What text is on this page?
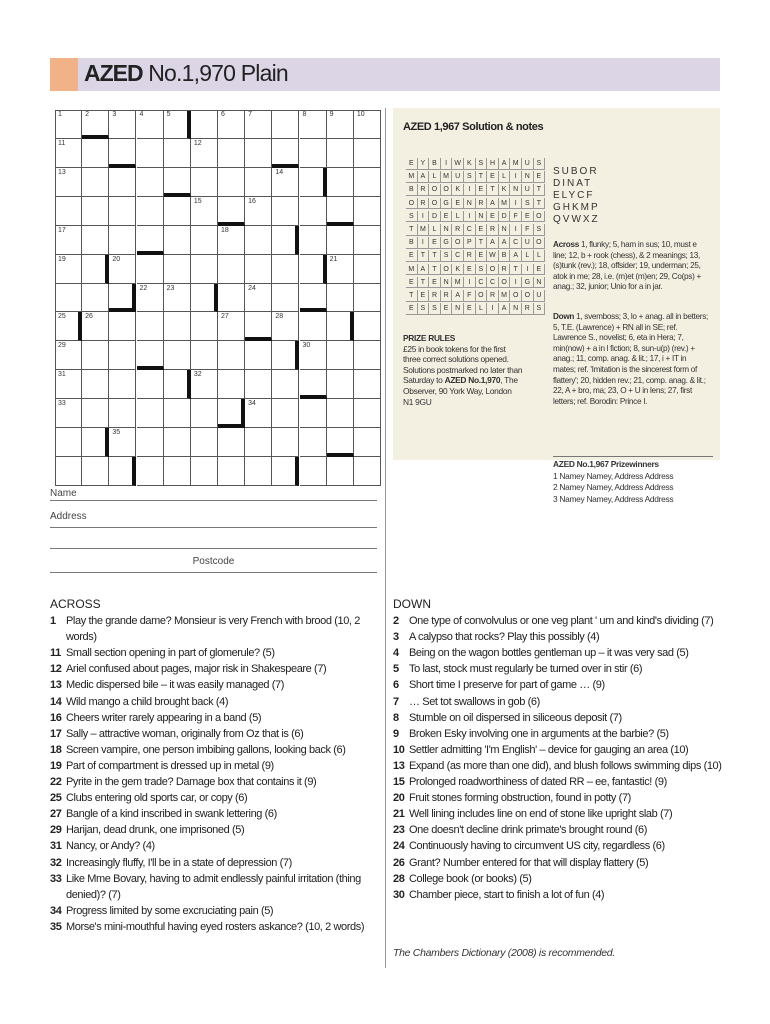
AZED No.1,970 Plain
1	2	3	4	5	6	7	8	9	10
11	12
13	14
15	16
17	18
19	20	21
22	23	24
25	26	27	28
29	30
31	32
33	34
35
Name
Address
Postcode
AZED 1,967 Solution & notes
E Y B	I	W K S H A M U S
M A	L M U S	T	E	L	I	N E
B R O O K	I	E	T	K N U T
O R O G E N R A M	I	S	T
S	I	D E	L	I	N E D F	E O
T M L	N R C E R N	I	F	S
B	I	E G O P	T	A A C U O
E	T	T	S C R E W B A	L	L
M A	T O K E S O R T	I	E
E	T	E N M	I	C C O	I	G N
T	E R R A	F O R M O O U
E S S E N E	L	I	A N R S
SUBOR
DINAT
ELYCF
GHKMP
QVWXZ
Across 1, flunky; 5, ham in sus; 10, must e line; 12, b + rook (chess), & 2 meanings; 13, (s)tunk (rev.); 18, offsider; 19, underman; 25, atok in me; 28, i.e. (m)et (m)en; 29, Co(ps) + anag.; 32, junior; Unio for a in jar.
Down 1, svemboss; 3, lo + anag. all in betters; 5, T.E. (Lawrence) + RN all in SE; ref. Lawrence S., novelist; 6, eta in Hera; 7, min(now) + a in l fiction; 8, sun-u(p) (rev.) + anag.; 11, comp. anag. & lit.; 17, i + IT in mates; ref. 'Imitation is the sincerest form of flattery'; 20, hidden rev.; 21, comp. anag. & lit.; 22, A + bro, ma; 23, O + U in lens; 27, first letters; ref. Borodin: Prince I.
PRIZE RULES
£25 in book tokens for the first three correct solutions opened. Solutions postmarked no later than Saturday to AZED No.1,970, The Observer, 90 York Way, London N1 9GU
AZED No.1,967 Prizewinners
1 Namey Namey, Address Address
2 Namey Namey, Address Address
3 Namey Namey, Address Address
ACROSS
1 Play the grande dame? Monsieur is very French with brood (10, 2 words)
11 Small section opening in part of glomerule? (5)
12 Ariel confused about pages, major risk in Shakespeare (7)
13 Medic dispersed bile – it was easily managed (7)
14 Wild mango a child brought back (4)
16 Cheers writer rarely appearing in a band (5)
17 Sally – attractive woman, originally from Oz that is (6)
18 Screen vampire, one person imbibing gallons, looking back (6)
19 Part of compartment is dressed up in metal (9)
22 Pyrite in the gem trade? Damage box that contains it (9)
25 Clubs entering old sports car, or copy (6)
27 Bangle of a kind inscribed in swank lettering (6)
29 Harijan, dead drunk, one imprisoned (5)
31 Nancy, or Andy? (4)
32 Increasingly fluffy, I'll be in a state of depression (7)
33 Like Mme Bovary, having to admit endlessly painful irritation (thing denied)? (7)
34 Progress limited by some excruciating pain (5)
35 Morse's mini-mouthful having eyed rosters askance? (10, 2 words)
DOWN
2 One type of convolvulus or one veg plant ' um and kind's dividing (7)
3 A calypso that rocks? Play this possibly (4)
4 Being on the wagon bottles gentleman up – it was very sad (5)
5 To last, stock must regularly be turned over in stir (6)
6 Short time I preserve for part of game … (9)
7 … Set tot swallows in gob (6)
8 Stumble on oil dispersed in siliceous deposit (7)
9 Broken Esky involving one in arguments at the barbie? (5)
10 Settler admitting 'I'm English' – device for gauging an area (10)
13 Expand (as more than one did), and blush follows swimming dips (10)
15 Prolonged roadworthiness of dated RR – ee, fantastic! (9)
20 Fruit stones forming obstruction, found in potty (7)
21 Well lining includes line on end of stone like upright slab (7)
23 One doesn't decline drink primate's brought round (6)
24 Continuously having to circumvent US city, regardless (6)
26 Grant? Number entered for that will display flattery (5)
28 College book (or books) (5)
30 Chamber piece, start to finish a lot of fun (4)
The Chambers Dictionary (2008) is recommended.
